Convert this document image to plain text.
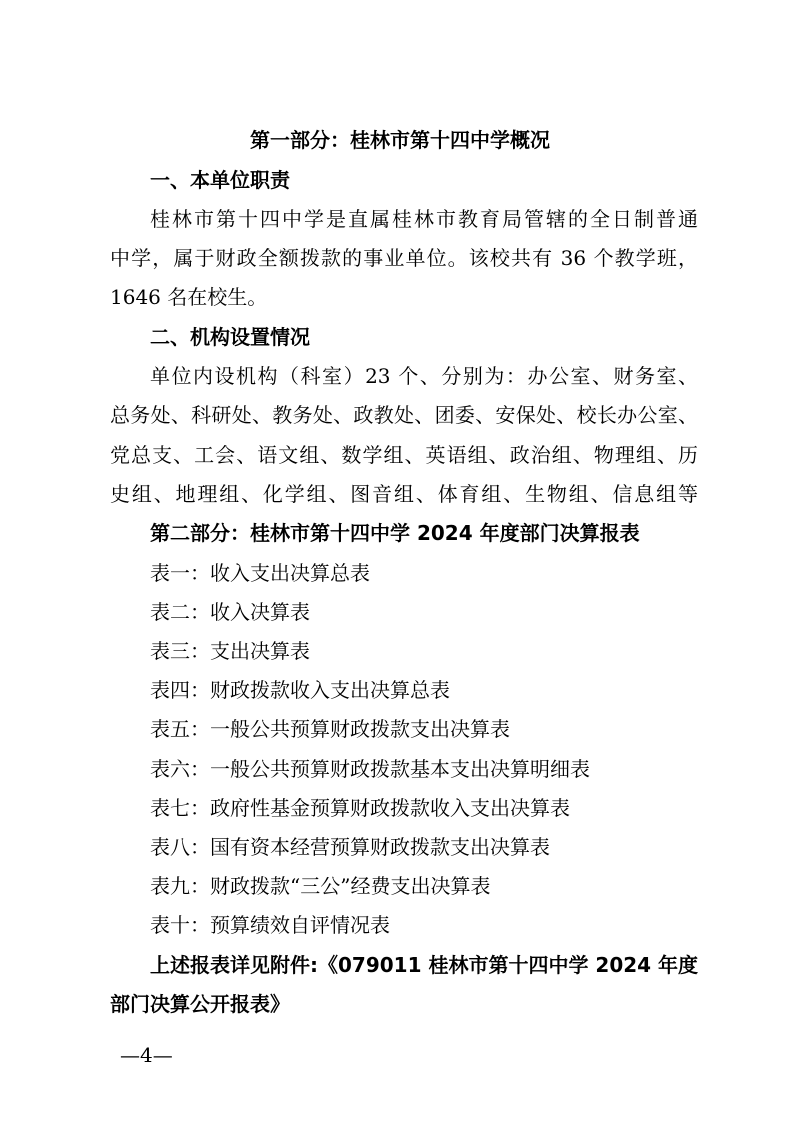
第一部分：桂林市第十四中学概况
一、本单位职责
桂林市第十四中学是直属桂林市教育局管辖的全日制普通
中学，属于财政全额拨款的事业单位。该校共有 36 个教学班，
1646 名在校生。
二、机构设置情况
单位内设机构（科室）23 个、分别为：办公室、财务室、
总务处、科研处、教务处、政教处、团委、安保处、校长办公室、
党总支、工会、语文组、数学组、英语组、政治组、物理组、历
史组、地理组、化学组、图音组、体育组、生物组、信息组等
第二部分：桂林市第十四中学 2024 年度部门决算报表
表一：收入支出决算总表
表二：收入决算表
表三：支出决算表
表四：财政拨款收入支出决算总表
表五：一般公共预算财政拨款支出决算表
表六：一般公共预算财政拨款基本支出决算明细表
表七：政府性基金预算财政拨款收入支出决算表
表八：国有资本经营预算财政拨款支出决算表
表九：财政拨款“三公”经费支出决算表
表十：预算绩效自评情况表
上述报表详见附件:《079011 桂林市第十四中学 2024 年度
部门决算公开报表》
—4—
